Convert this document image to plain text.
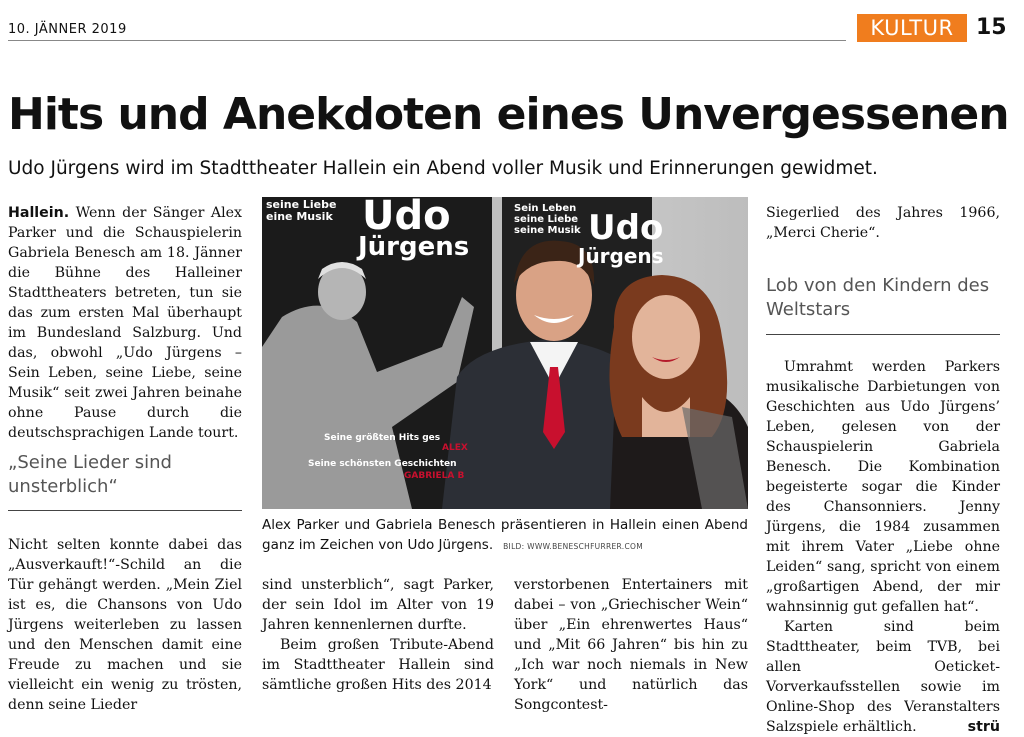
10. JÄNNER 2019	KULTUR	15
Hits und Anekdoten eines Unvergessenen
Udo Jürgens wird im Stadttheater Hallein ein Abend voller Musik und Erinnerungen gewidmet.

Hallein. Wenn der Sänger Alex Parker und die Schauspielerin Gabriela Benesch am 18. Jänner die Bühne des Halleiner Stadttheaters betreten, tun sie das zum ersten Mal überhaupt im Bundesland Salzburg. Und das, obwohl „Udo Jürgens – Sein Leben, seine Liebe, seine Musik“ seit zwei Jahren beinahe ohne Pause durch die deutschsprachigen Lande tourt.

„Seine Lieder sind unsterblich“

Nicht selten konnte dabei das „Ausverkauft!“-Schild an die Tür gehängt werden. „Mein Ziel ist es, die Chansons von Udo Jürgens weiterleben zu lassen und den Menschen damit eine Freude zu machen und sie vielleicht ein wenig zu trösten, denn seine Lieder

seine Liebe
eine Musik Udo
Jürgens
Seine größten Hits ges
ALEX
Seine schönsten Geschichten
GABRIELA B
Sein Leben
seine Liebe
seine Musik Udo
Jürgens
Alex Parker und Gabriela Benesch präsentieren in Hallein einen Abend ganz im Zeichen von Udo Jürgens. BILD: WWW.BENESCHFURRER.COM

sind unsterblich“, sagt Parker, der sein Idol im Alter von 19 Jahren kennenlernen durfte.

Beim großen Tribute-Abend im Stadttheater Hallein sind sämtliche großen Hits des 2014

verstorbenen Entertainers mit dabei – von „Griechischer Wein“ über „Ein ehrenwertes Haus“ und „Mit 66 Jahren“ bis hin zu „Ich war noch niemals in New York“ und natürlich das Songcontest-

Siegerlied des Jahres 1966, „Merci Cherie“.

Lob von den Kindern des Weltstars

Umrahmt werden Parkers musikalische Darbietungen von Geschichten aus Udo Jürgens’ Leben, gelesen von der Schauspielerin Gabriela Benesch. Die Kombination begeisterte sogar die Kinder des Chansonniers. Jenny Jürgens, die 1984 zusammen mit ihrem Vater „Liebe ohne Leiden“ sang, spricht von einem „großartigen Abend, der mir wahnsinnig gut gefallen hat“.

Karten sind beim Stadttheater, beim TVB, bei allen Oeticket-Vorverkaufsstellen sowie im Online-Shop des Veranstalters Salzspiele erhältlich.	strü
